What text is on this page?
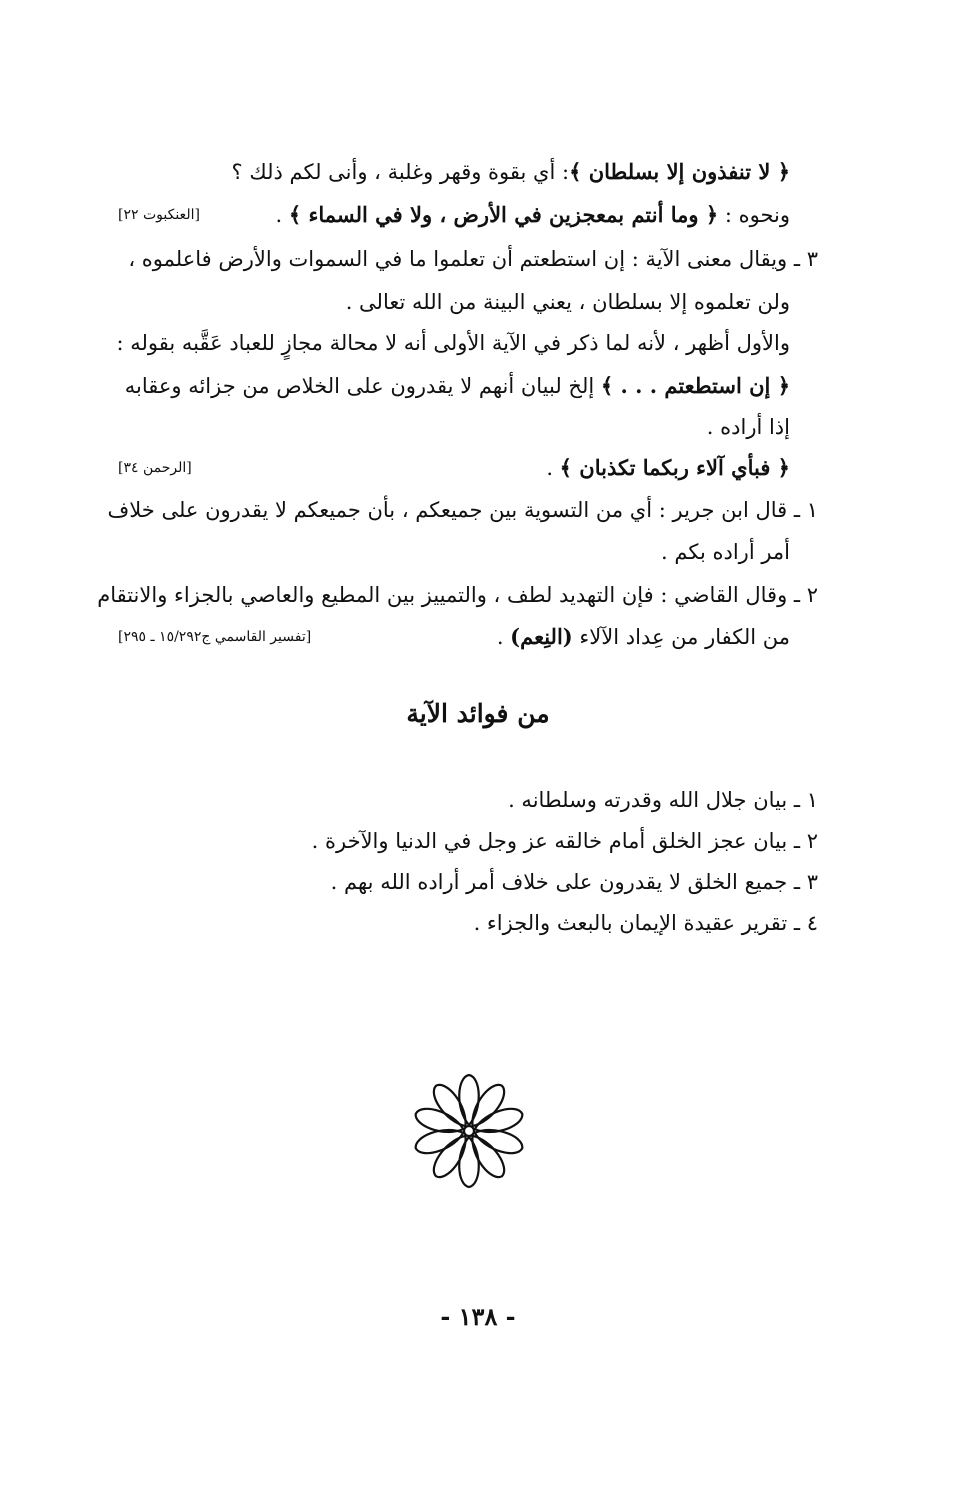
﴿ لا تنفذون إلا بسلطان ﴾: أي بقوة وقهر وغلبة ، وأنى لكم ذلك ؟
ونحوه : ﴿ وما أنتم بمعجزين في الأرض ، ولا في السماء ﴾ .
[العنكبوت ٢٢]
٣ ـ ويقال معنى الآية : إن استطعتم أن تعلموا ما في السموات والأرض فاعلموه ،
ولن تعلموه إلا بسلطان ، يعني البينة من الله تعالى .
والأول أظهر ، لأنه لما ذكر في الآية الأولى أنه لا محالة مجازٍ للعباد عَقَّبه بقوله :
﴿ إن استطعتم . . . ﴾ إلخ لبيان أنهم لا يقدرون على الخلاص من جزائه وعقابه
إذا أراده .
﴿ فبأي آلاء ربكما تكذبان ﴾ .
[الرحمن ٣٤]
١ ـ قال ابن جرير : أي من التسوية بين جميعكم ، بأن جميعكم لا يقدرون على خلاف
أمر أراده بكم .
٢ ـ وقال القاضي : فإن التهديد لطف ، والتمييز بين المطيع والعاصي بالجزاء والانتقام
من الكفار من عِداد الآلاء (النِعم) .
[تفسير القاسمي ج١٥/٢٩٢ ـ ٢٩٥]
من فوائد الآية
١ ـ بيان جلال الله وقدرته وسلطانه .
٢ ـ بيان عجز الخلق أمام خالقه عز وجل في الدنيا والآخرة .
٣ ـ جميع الخلق لا يقدرون على خلاف أمر أراده الله بهم .
٤ ـ تقرير عقيدة الإيمان بالبعث والجزاء .
- ١٣٨ -
